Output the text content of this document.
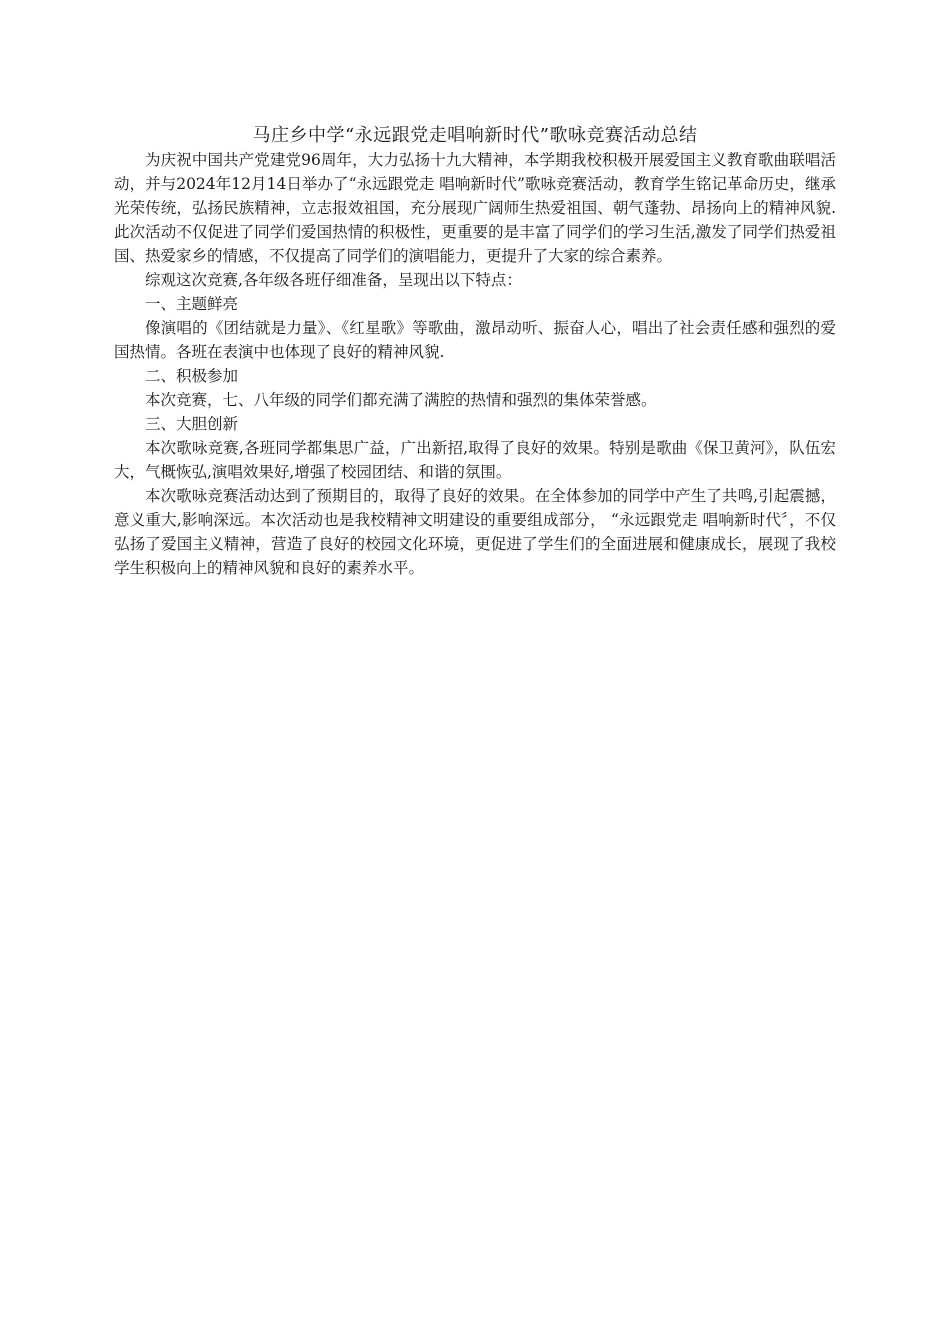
马庄乡中学“永远跟党走唱响新时代”歌咏竞赛活动总结

为庆祝中国共产党建党96周年，大力弘扬十九大精神，本学期我校积极开展爱国主义教育歌曲联唱活动，并与2024年12月14日举办了“永远跟党走 唱响新时代”歌咏竞赛活动，教育学生铭记革命历史，继承光荣传统，弘扬民族精神，立志报效祖国，充分展现广阔师生热爱祖国、朝气蓬勃、昂扬向上的精神风貌.此次活动不仅促进了同学们爱国热情的积极性，更重要的是丰富了同学们的学习生活,激发了同学们热爱祖国、热爱家乡的情感，不仅提高了同学们的演唱能力，更提升了大家的综合素养。

综观这次竞赛,各年级各班仔细准备，呈现出以下特点：

一、主题鲜亮

像演唱的《团结就是力量》、《红星歌》等歌曲，激昂动听、振奋人心，唱出了社会责任感和强烈的爱国热情。各班在表演中也体现了良好的精神风貌.

二、积极参加

本次竞赛，七、八年级的同学们都充满了满腔的热情和强烈的集体荣誉感。

三、大胆创新

本次歌咏竞赛,各班同学都集思广益，广出新招,取得了良好的效果。特别是歌曲《保卫黄河》，队伍宏大，气概恢弘,演唱效果好,增强了校园团结、和谐的氛围。

本次歌咏竞赛活动达到了预期目的，取得了良好的效果。在全体参加的同学中产生了共鸣,引起震撼，意义重大,影响深远。本次活动也是我校精神文明建设的重要组成部分， “永远跟党走 唱响新时代〞，不仅弘扬了爱国主义精神，营造了良好的校园文化环境，更促进了学生们的全面进展和健康成长，展现了我校学生积极向上的精神风貌和良好的素养水平。
